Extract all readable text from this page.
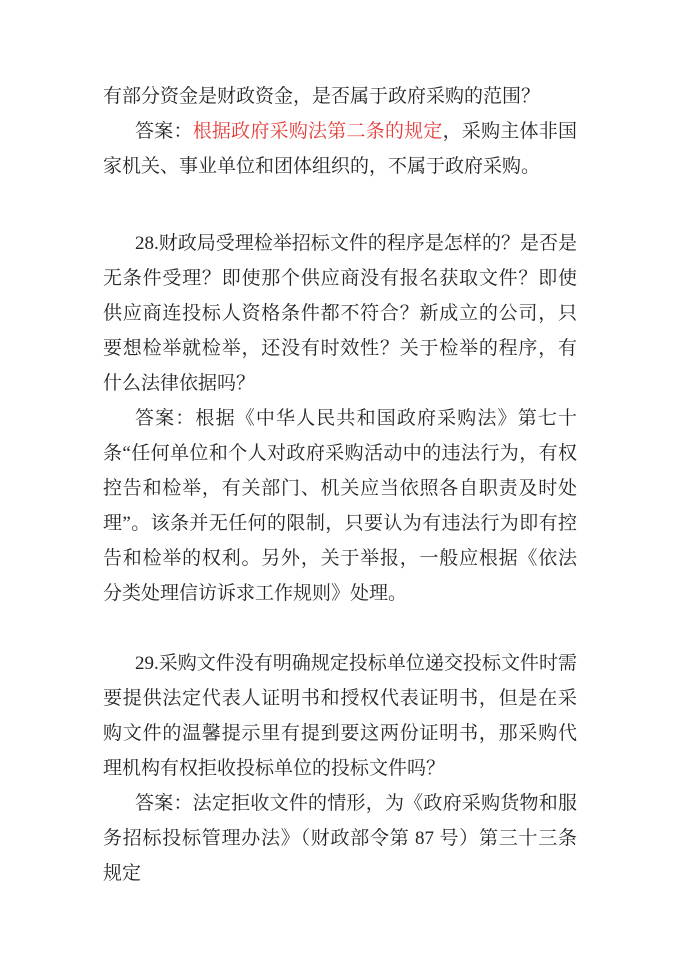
有部分资金是财政资金，是否属于政府采购的范围？

答案：根据政府采购法第二条的规定，采购主体非国家机关、事业单位和团体组织的，不属于政府采购。

28.财政局受理检举招标文件的程序是怎样的？是否是无条件受理？即使那个供应商没有报名获取文件？即使供应商连投标人资格条件都不符合？新成立的公司，只要想检举就检举，还没有时效性？关于检举的程序，有什么法律依据吗？

答案：根据《中华人民共和国政府采购法》第七十条“任何单位和个人对政府采购活动中的违法行为，有权控告和检举，有关部门、机关应当依照各自职责及时处理”。该条并无任何的限制，只要认为有违法行为即有控告和检举的权利。另外，关于举报，一般应根据《依法分类处理信访诉求工作规则》处理。

29.采购文件没有明确规定投标单位递交投标文件时需要提供法定代表人证明书和授权代表证明书，但是在采购文件的温馨提示里有提到要这两份证明书，那采购代理机构有权拒收投标单位的投标文件吗？

答案：法定拒收文件的情形，为《政府采购货物和服务招标投标管理办法》（财政部令第 87 号）第三十三条规定
